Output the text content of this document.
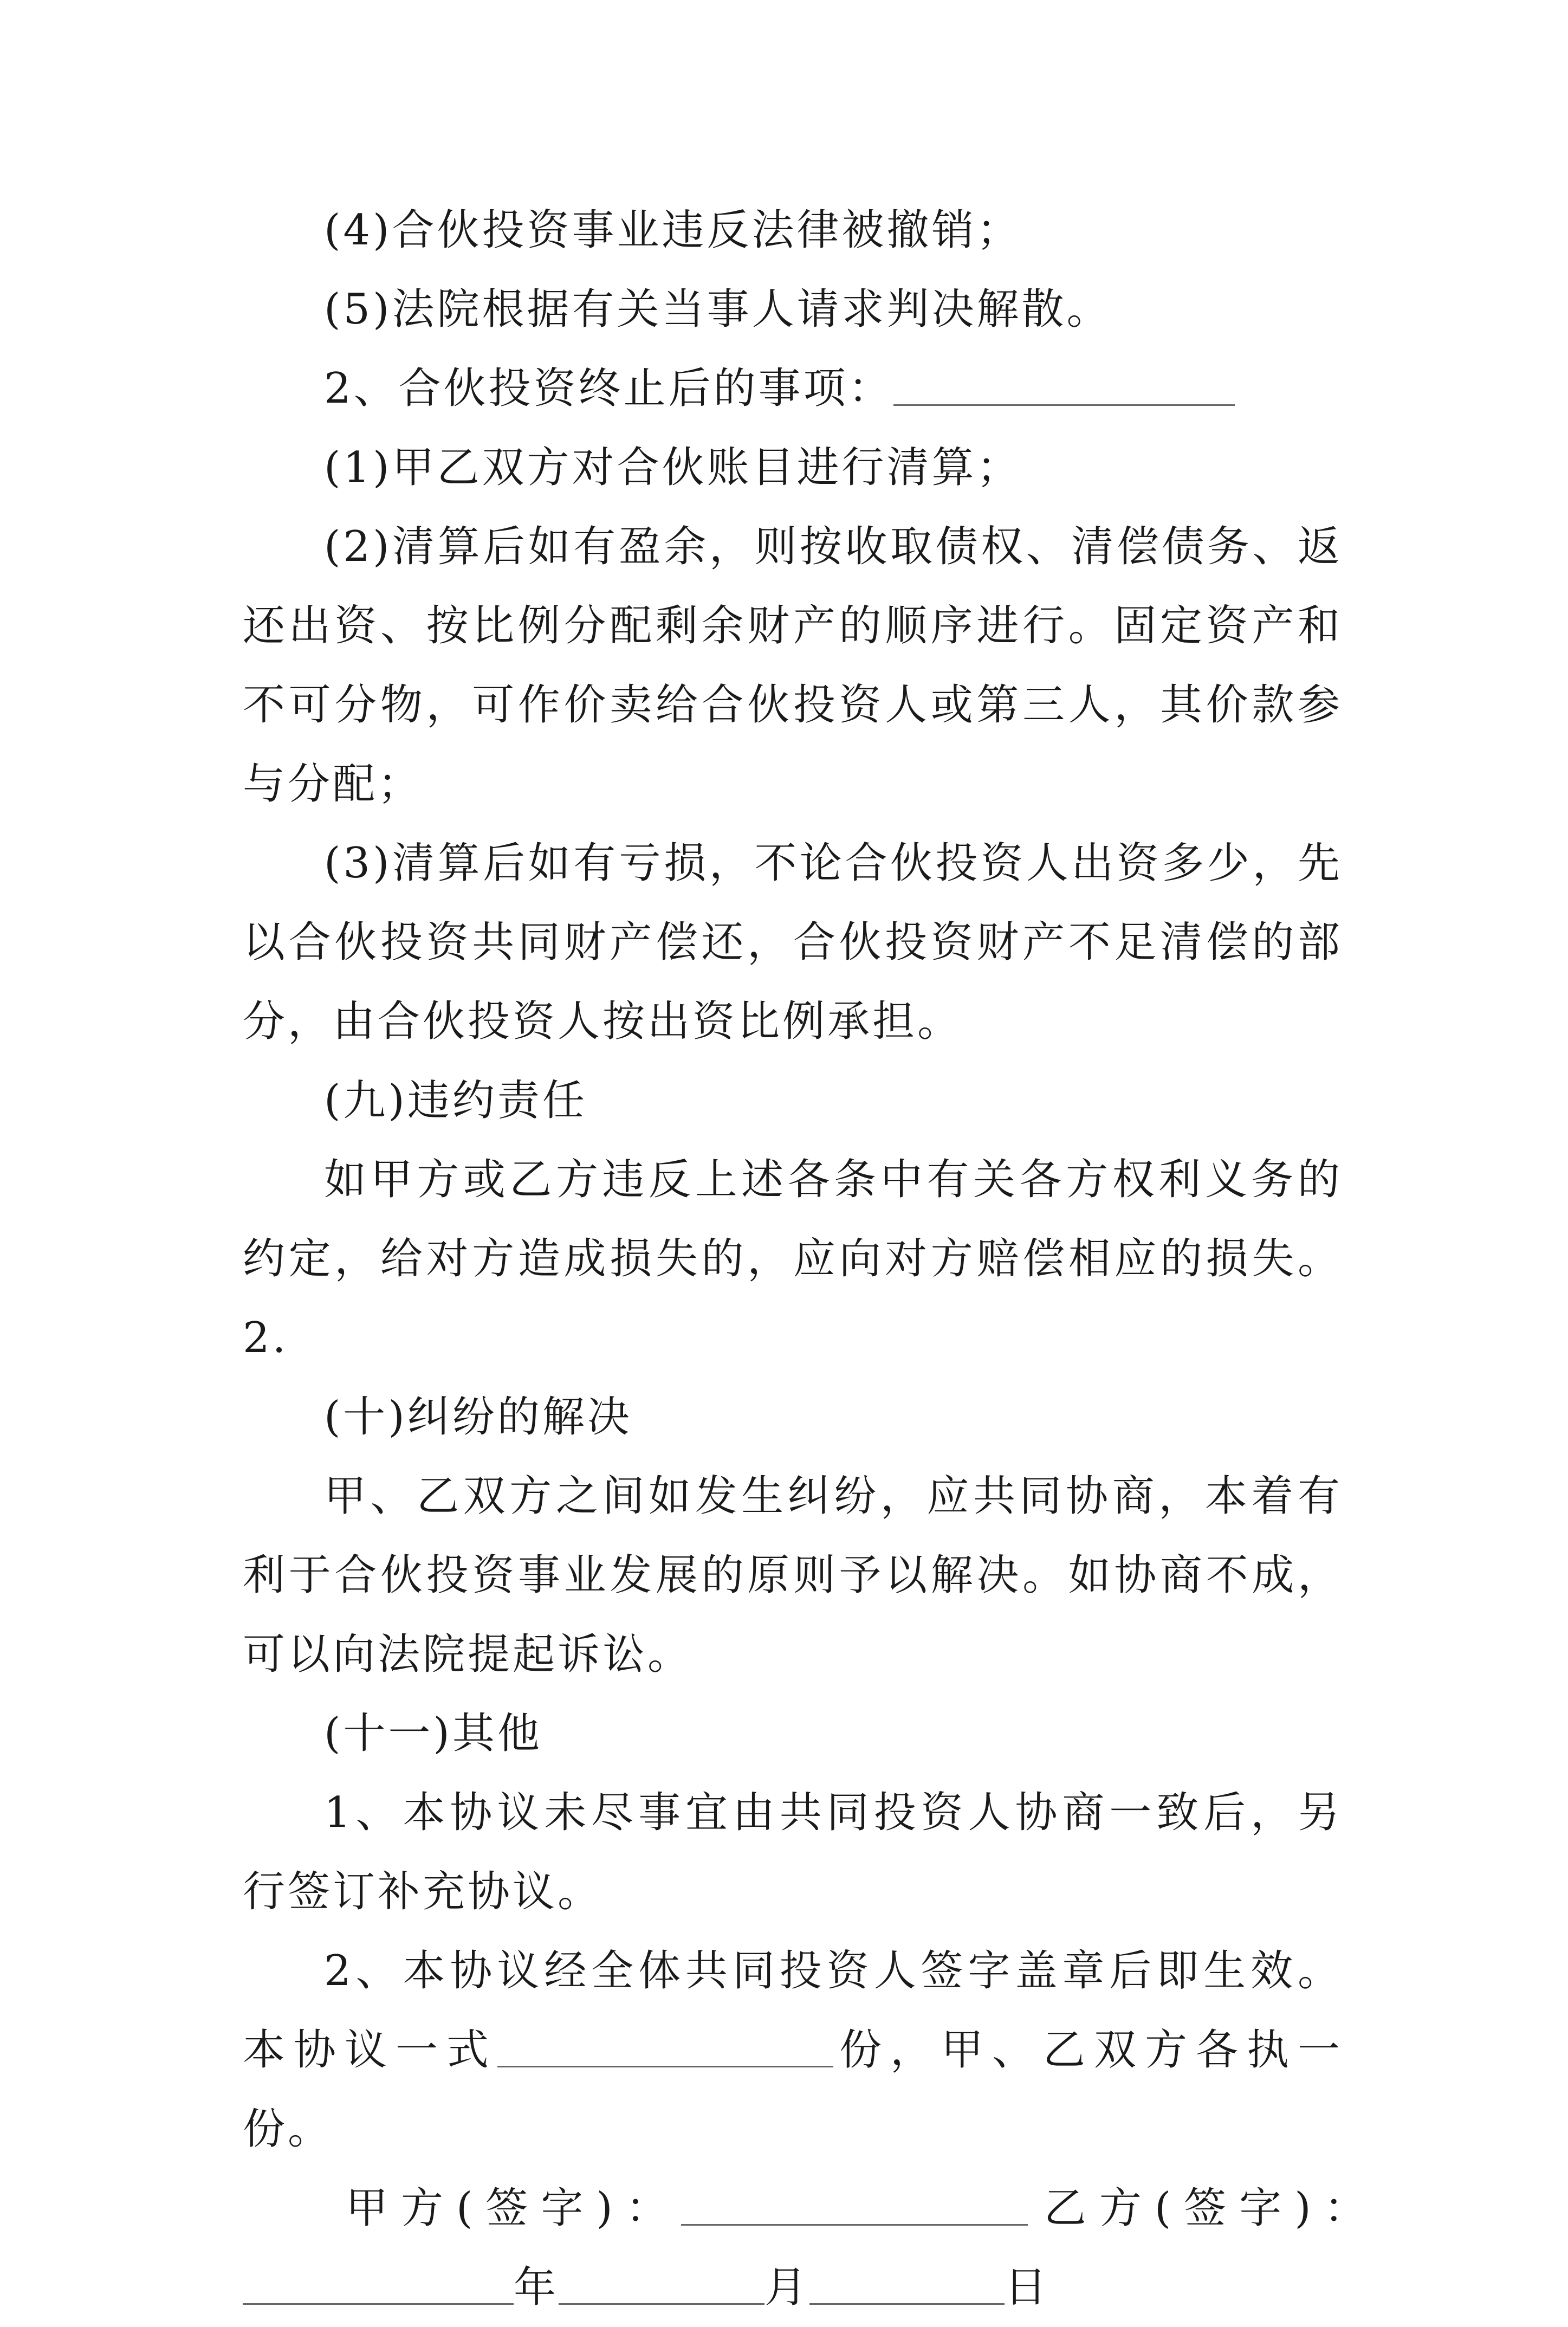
(4)合伙投资事业违反法律被撤销；

(5)法院根据有关当事人请求判决解散。

2、合伙投资终止后的事项：

(1)甲乙双方对合伙账目进行清算；

(2)清算后如有盈余，则按收取债权、清偿债务、返还出资、按比例分配剩余财产的顺序进行。固定资产和不可分物，可作价卖给合伙投资人或第三人，其价款参与分配；

(3)清算后如有亏损，不论合伙投资人出资多少，先以合伙投资共同财产偿还，合伙投资财产不足清偿的部分，由合伙投资人按出资比例承担。

(九)违约责任

如甲方或乙方违反上述各条中有关各方权利义务的约定，给对方造成损失的，应向对方赔偿相应的损失。2.

(十)纠纷的解决

甲、乙双方之间如发生纠纷，应共同协商，本着有利于合伙投资事业发展的原则予以解决。如协商不成，可以向法院提起诉讼。

(十一)其他

1、本协议未尽事宜由共同投资人协商一致后，另行签订补充协议。

2、本协议经全体共同投资人签字盖章后即生效。本协议一式	份，甲、乙双方各执一份。

甲方(签字)：	乙方(签字)：

年	月	日
